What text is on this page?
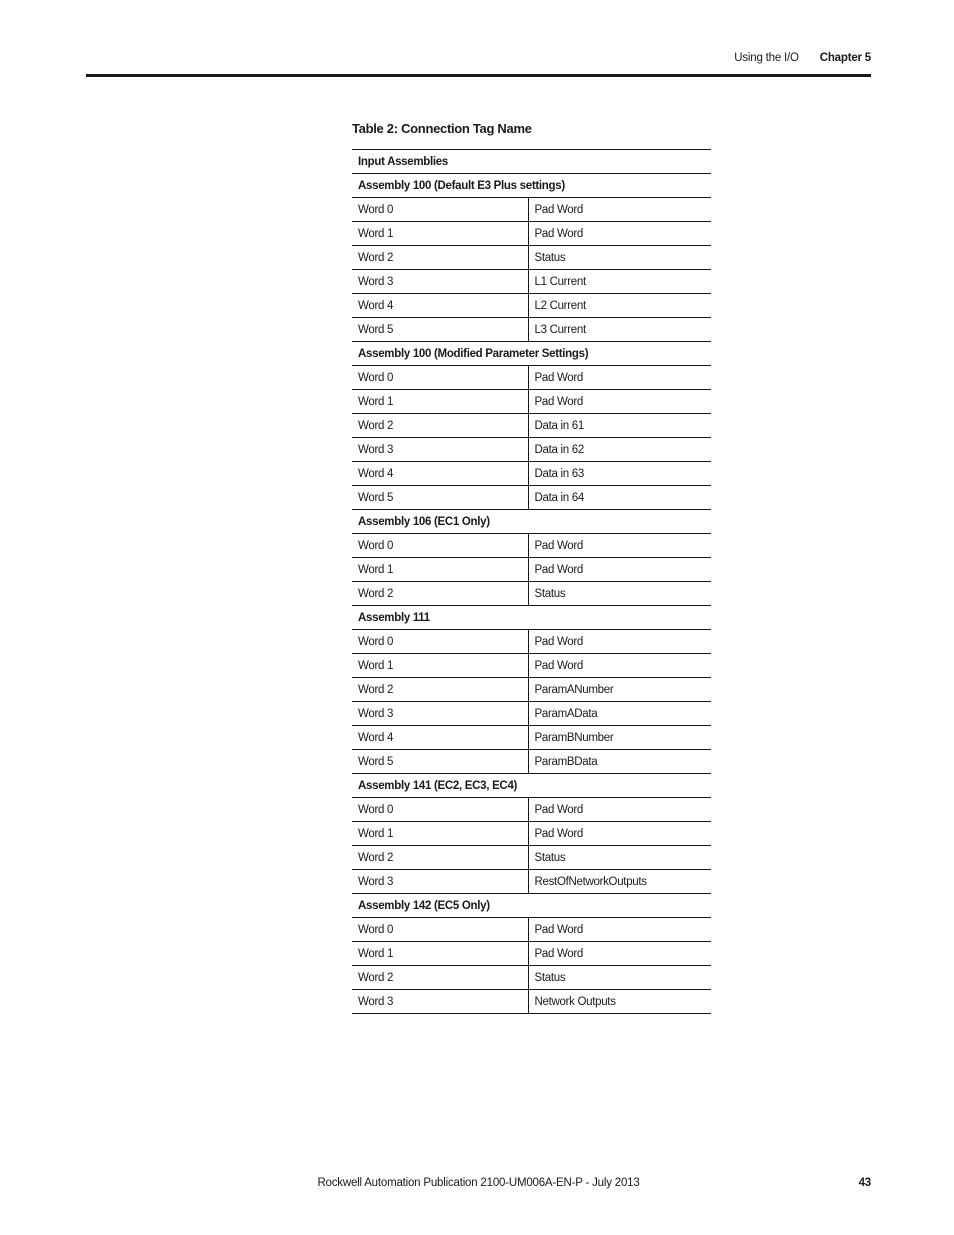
Using the I/O Chapter 5
Table 2: Connection Tag Name
Input Assemblies	
Assembly 100 (Default E3 Plus settings)	
Word 0	Pad Word
Word 1	Pad Word
Word 2	Status
Word 3	L1 Current
Word 4	L2 Current
Word 5	L3 Current
Assembly 100 (Modified Parameter Settings)	
Word 0	Pad Word
Word 1	Pad Word
Word 2	Data in 61
Word 3	Data in 62
Word 4	Data in 63
Word 5	Data in 64
Assembly 106 (EC1 Only)	
Word 0	Pad Word
Word 1	Pad Word
Word 2	Status
Assembly 111	
Word 0	Pad Word
Word 1	Pad Word
Word 2	ParamANumber
Word 3	ParamAData
Word 4	ParamBNumber
Word 5	ParamBData
Assembly 141 (EC2, EC3, EC4)	
Word 0	Pad Word
Word 1	Pad Word
Word 2	Status
Word 3	RestOfNetworkOutputs
Assembly 142 (EC5 Only)	
Word 0	Pad Word
Word 1	Pad Word
Word 2	Status
Word 3	Network Outputs
Rockwell Automation Publication 2100-UM006A-EN-P - July 2013	43
